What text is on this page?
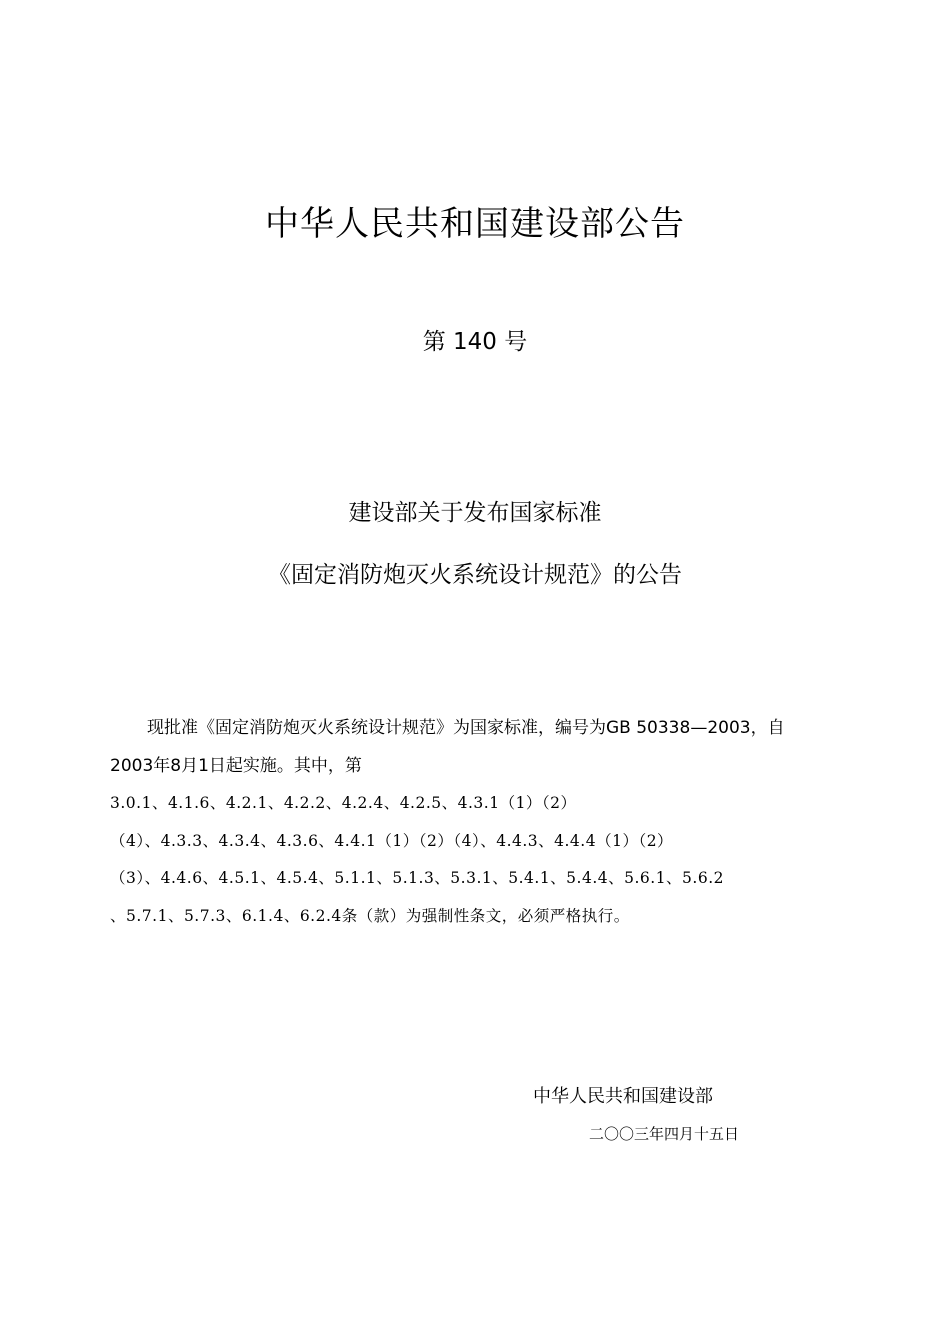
中华人民共和国建设部公告
第 140 号
建设部关于发布国家标准
《固定消防炮灭火系统设计规范》的公告
现批准《固定消防炮灭火系统设计规范》为国家标准，编号为GB 50338—2003，自
2003年8月1日起实施。其中，第
3.0.1、4.1.6、4.2.1、4.2.2、4.2.4、4.2.5、4.3.1（1）（2）
（4）、4.3.3、4.3.4、4.3.6、4.4.1（1）（2）（4）、4.4.3、4.4.4（1）（2）
（3）、4.4.6、4.5.1、4.5.4、5.1.1、5.1.3、5.3.1、5.4.1、5.4.4、5.6.1、5.6.2
、5.7.1、5.7.3、6.1.4、6.2.4条（款）为强制性条文，必须严格执行。
中华人民共和国建设部
二〇〇三年四月十五日
